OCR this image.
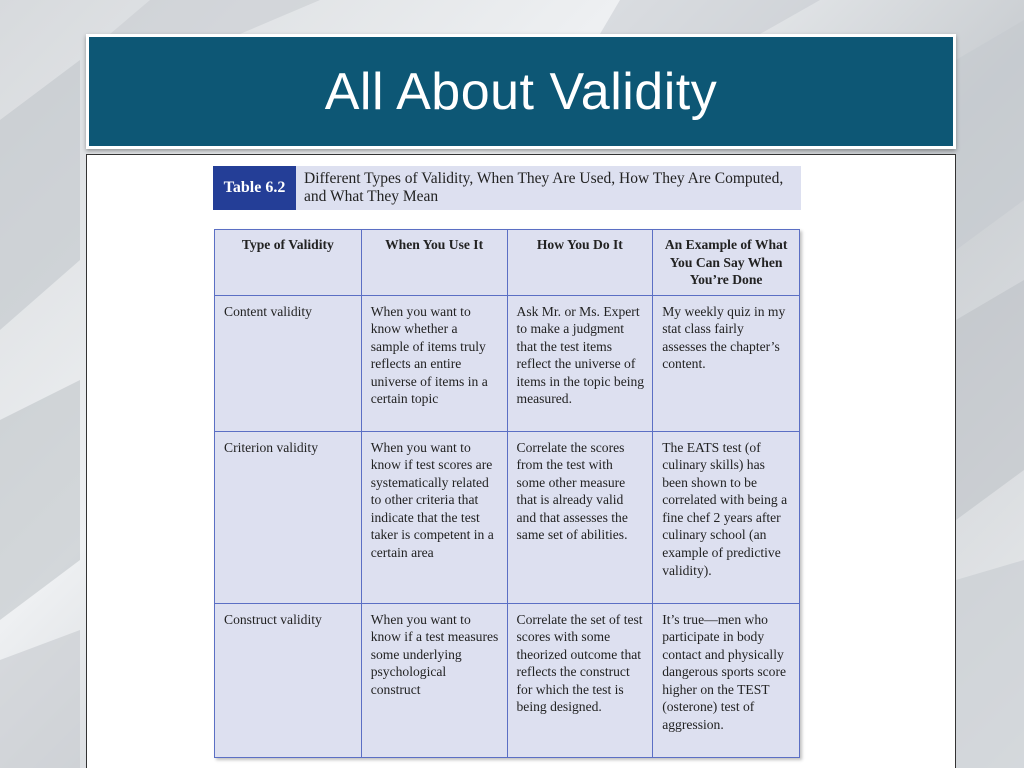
All About Validity
Table 6.2
Different Types of Validity, When They Are Used, How They Are Computed, and What They Mean
Type of Validity	When You Use It	How You Do It	An Example of What You Can Say When You’re Done
Content validity	When you want to know whether a sample of items truly reflects an entire universe of items in a certain topic	Ask Mr. or Ms. Expert to make a judgment that the test items reflect the universe of items in the topic being measured.	My weekly quiz in my stat class fairly assesses the chapter’s content.
Criterion validity	When you want to know if test scores are systematically related to other criteria that indicate that the test taker is competent in a certain area	Correlate the scores from the test with some other measure that is already valid and that assesses the same set of abilities.	The EATS test (of culinary skills) has been shown to be correlated with being a fine chef 2 years after culinary school (an example of predictive validity).
Construct validity	When you want to know if a test measures some underlying psychological construct	Correlate the set of test scores with some theorized outcome that reflects the construct for which the test is being designed.	It’s true—men who participate in body contact and physically dangerous sports score higher on the TEST (osterone) test of aggression.
